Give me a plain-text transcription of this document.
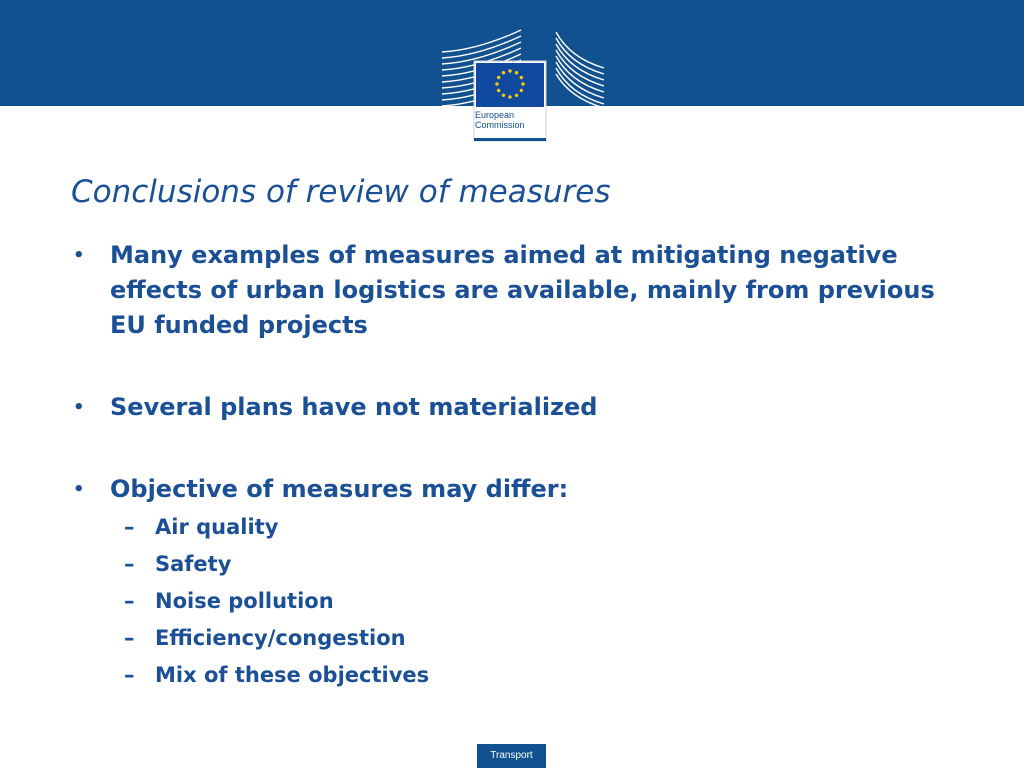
European
Commission
Conclusions of review of measures
• Many examples of measures aimed at mitigating negative effects of urban logistics are available, mainly from previous EU funded projects
• Several plans have not materialized
• Objective of measures may differ:
– Air quality
– Safety
– Noise pollution
– Efficiency/congestion
– Mix of these objectives
Transport
